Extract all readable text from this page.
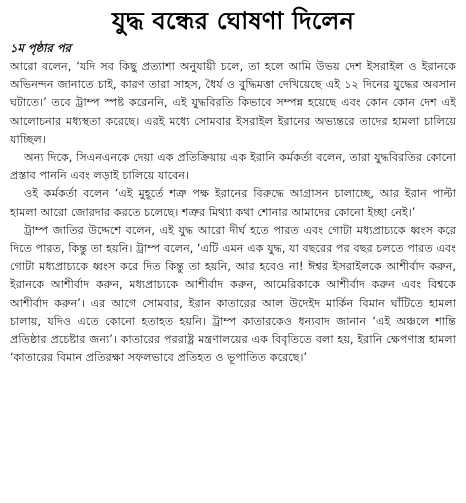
যুদ্ধ বন্ধের ঘোষণা দিলেন
১ম পৃষ্ঠার পর

আরো বলেন, ‘যদি সব কিছু প্রত্যাশা অনুযায়ী চলে, তা হলে আমি উভয় দেশ ইসরাইল ও ইরানকে অভিনন্দন জানাতে চাই, কারণ তারা সাহস, ধৈর্য ও বুদ্ধিমত্তা দেখিয়েছে এই ১২ দিনের যুদ্ধের অবসান ঘটাতে।’ তবে ট্রাম্প স্পষ্ট করেননি, এই যুদ্ধবিরতি কিভাবে সম্পন্ন হয়েছে এবং কোন কোন দেশ এই আলোচনার মধ্যস্থতা করেছে। এরই মধ্যে সোমবার ইসরাইল ইরানের অভ্যন্তরে তাদের হামলা চালিয়ে যাচ্ছিল।

অন্য দিকে, সিএনএনকে দেয়া এক প্রতিক্রিয়ায় এক ইরানি কর্মকর্তা বলেন, তারা যুদ্ধবিরতির কোনো প্রস্তাব পাননি এবং লড়াই চালিয়ে যাবেন।

ওই কর্মকর্তা বলেন ‘এই মুহূর্তে শত্রু পক্ষ ইরানের বিরুদ্ধে আগ্রাসন চালাচ্ছে, আর ইরান পাল্টা হামলা আরো জোরদার করতে চলেছে। শত্রুর মিথ্যা কথা শোনার আমাদের কোনো ইচ্ছা নেই।’

ট্রাম্প জাতির উদ্দেশে বলেন, এই যুদ্ধ আরো দীর্ঘ হতে পারত এবং গোটা মধ্যপ্রাচ্যকে ধ্বংস করে দিতে পারত, কিন্তু তা হয়নি। ট্রাম্প বলেন, ‘এটি এমন এক যুদ্ধ, যা বছরের পর বছর চলতে পারত এবং গোটা মধ্যপ্রাচ্যকে ধ্বংস করে দিত কিন্তু তা হয়নি, আর হবেও না! ঈশ্বর ইসরাইলকে আশীর্বাদ করুন, ইরানকে আশীর্বাদ করুন, মধ্যপ্রাচ্যকে আশীর্বাদ করুন, আমেরিকাকে আশীর্বাদ করুন এবং বিশ্বকে আশীর্বাদ করুন’। এর আগে সোমবার, ইরান কাতারের আল উদেইদ মার্কিন বিমান ঘাঁটিতে হামলা চালায়, যদিও এতে কোনো হতাহত হয়নি। ট্রাম্প কাতারকেও ধন্যবাদ জানান ‘এই অঞ্চলে শান্তি প্রতিষ্ঠার প্রচেষ্টার জন্য’। কাতারের পররাষ্ট্র মন্ত্রণালয়ের এক বিবৃতিতে বলা হয়, ইরানি ক্ষেপণাস্ত্র হামলা ‘কাতারের বিমান প্রতিরক্ষা সফলভাবে প্রতিহত ও ভূপাতিত করেছে।’
